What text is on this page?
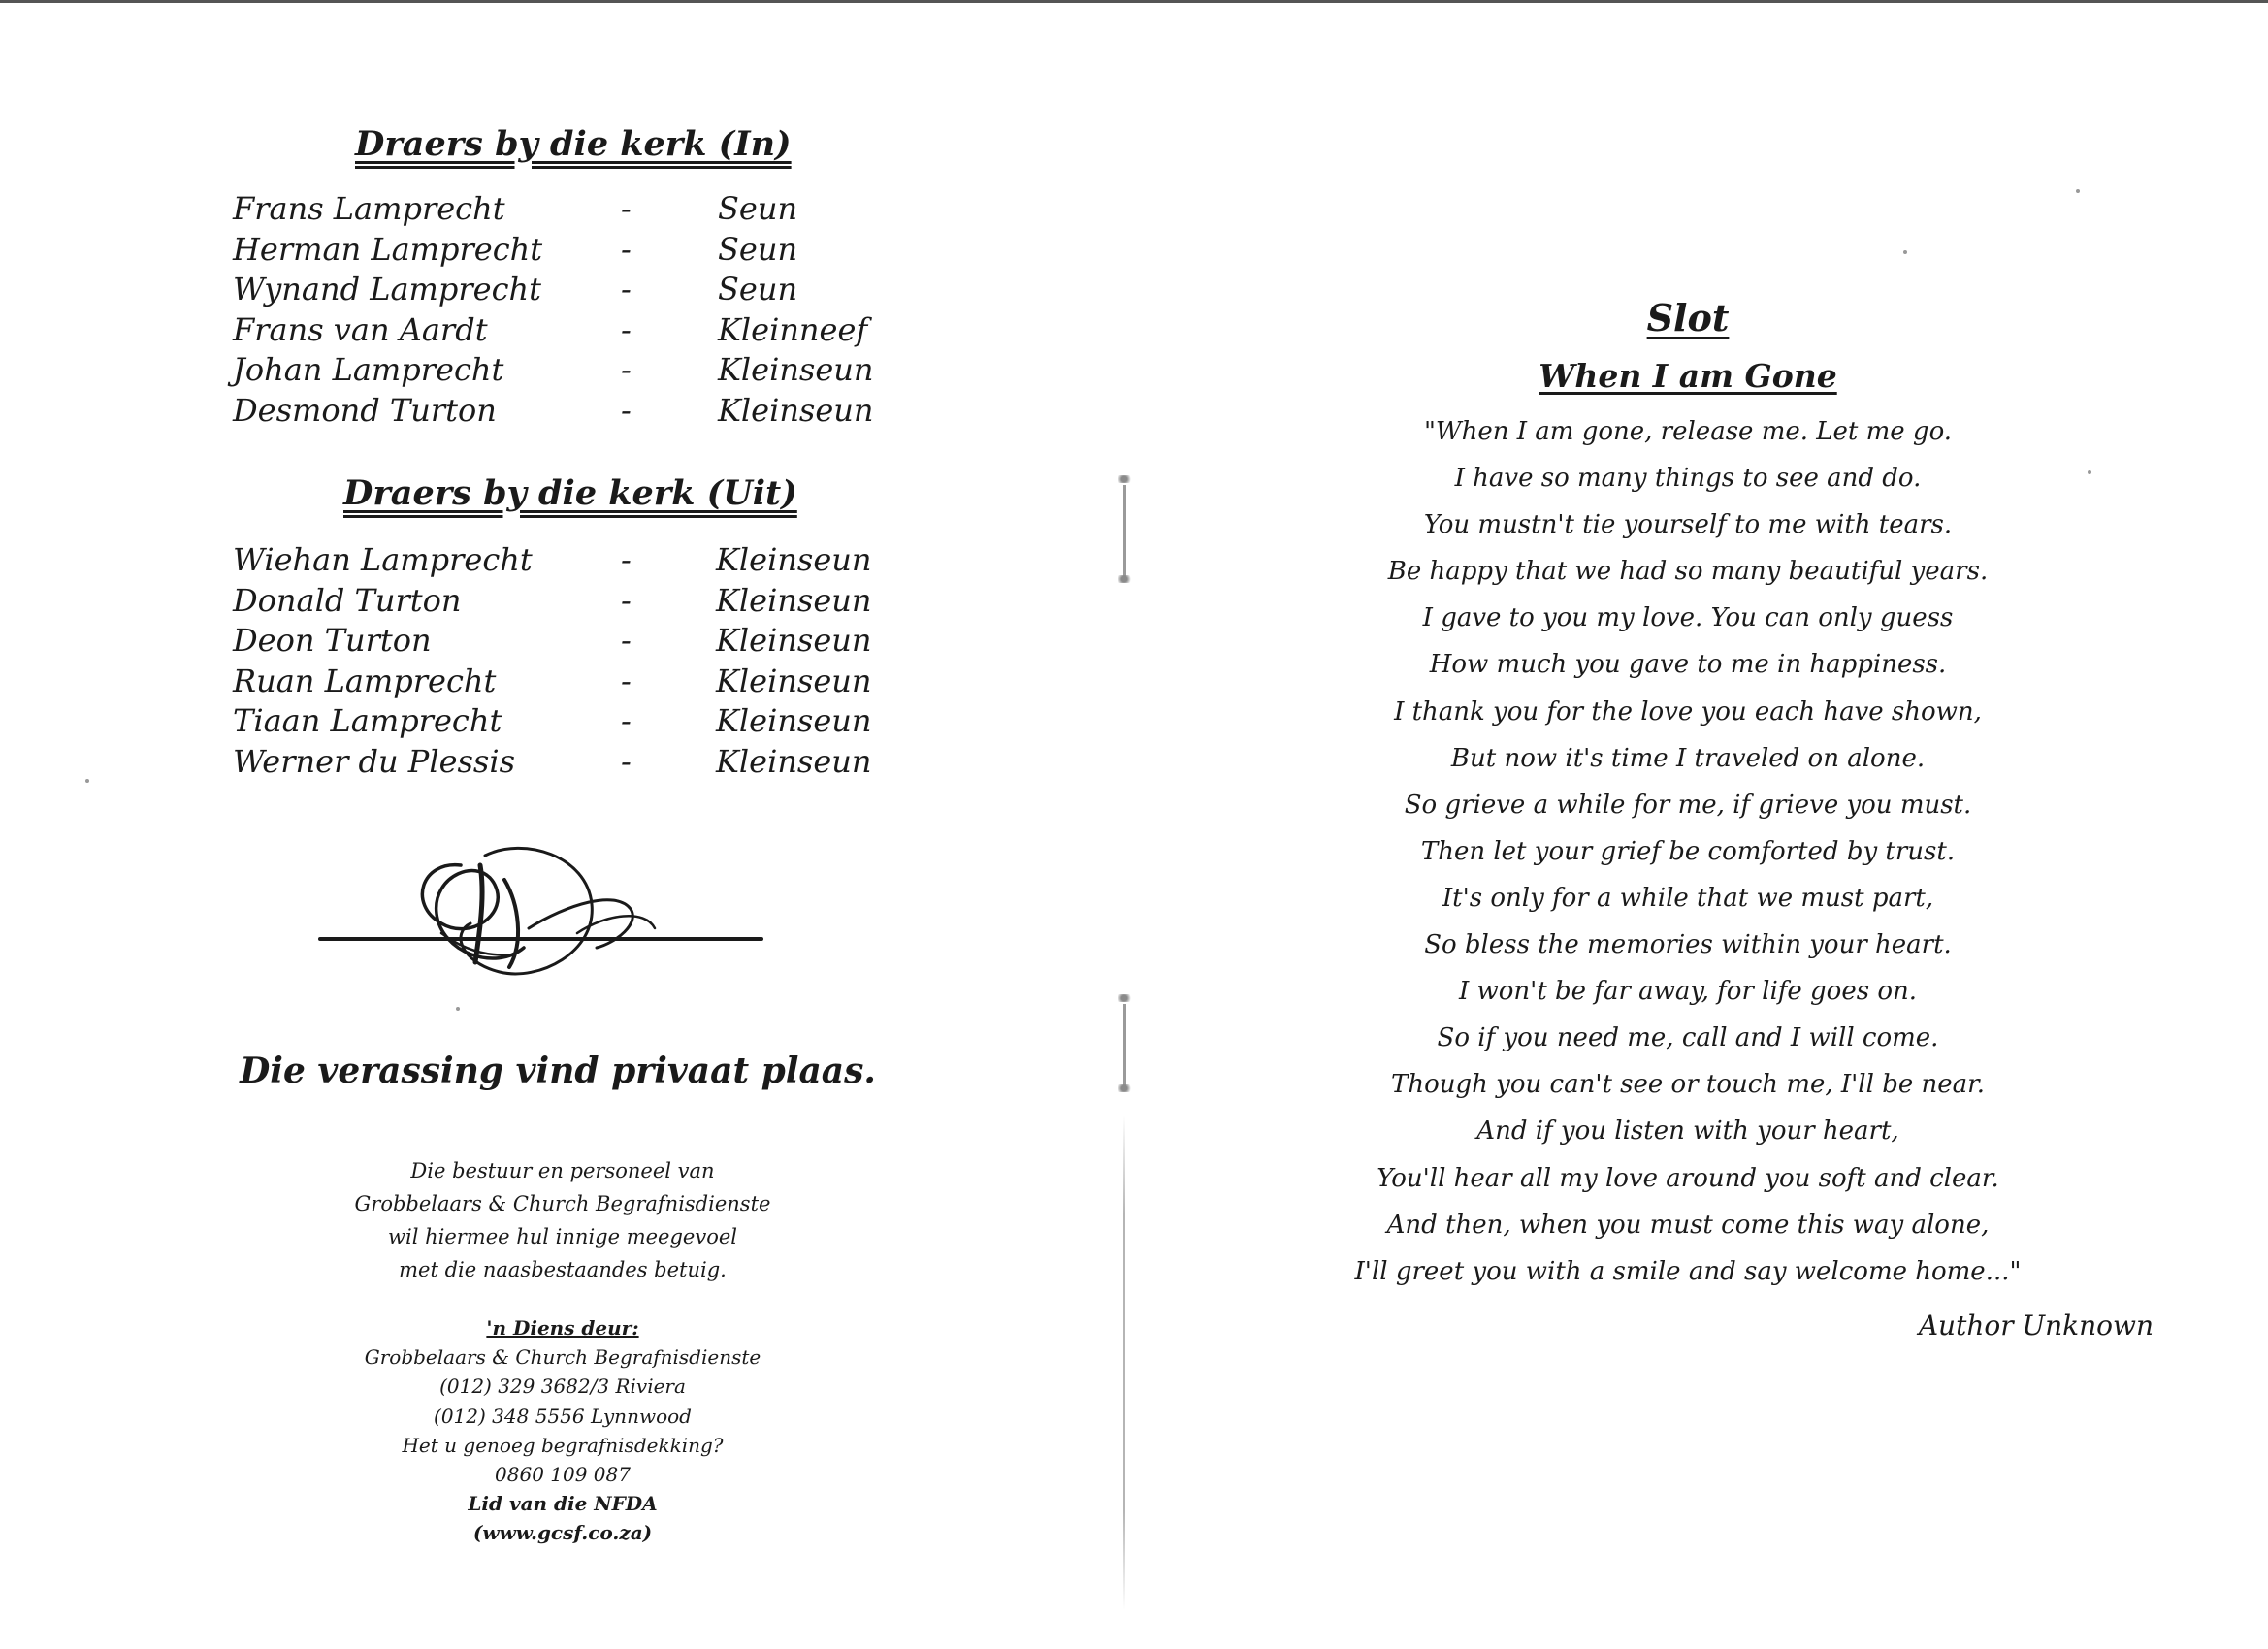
Draers by die kerk (In)
Frans Lamprecht	-	Seun
Herman Lamprecht	-	Seun
Wynand Lamprecht	-	Seun
Frans van Aardt	-	Kleinneef
Johan Lamprecht	-	Kleinseun
Desmond Turton	-	Kleinseun
Draers by die kerk (Uit)
Wiehan Lamprecht	-	Kleinseun
Donald Turton	-	Kleinseun
Deon Turton	-	Kleinseun
Ruan Lamprecht	-	Kleinseun
Tiaan Lamprecht	-	Kleinseun
Werner du Plessis	-	Kleinseun
Die verassing vind privaat plaas.
Die bestuur en personeel van
Grobbelaars & Church Begrafnisdienste
wil hiermee hul innige meegevoel
met die naasbestaandes betuig.
'n Diens deur:
Grobbelaars & Church Begrafnisdienste
(012) 329 3682/3 Riviera
(012) 348 5556 Lynnwood
Het u genoeg begrafnisdekking?
0860 109 087
Lid van die NFDA
(www.gcsf.co.za)
Slot
When I am Gone
"When I am gone, release me. Let me go.
I have so many things to see and do.
You mustn't tie yourself to me with tears.
Be happy that we had so many beautiful years.
I gave to you my love. You can only guess
How much you gave to me in happiness.
I thank you for the love you each have shown,
But now it's time I traveled on alone.
So grieve a while for me, if grieve you must.
Then let your grief be comforted by trust.
It's only for a while that we must part,
So bless the memories within your heart.
I won't be far away, for life goes on.
So if you need me, call and I will come.
Though you can't see or touch me, I'll be near.
And if you listen with your heart,
You'll hear all my love around you soft and clear.
And then, when you must come this way alone,
I'll greet you with a smile and say welcome home..."
Author Unknown
